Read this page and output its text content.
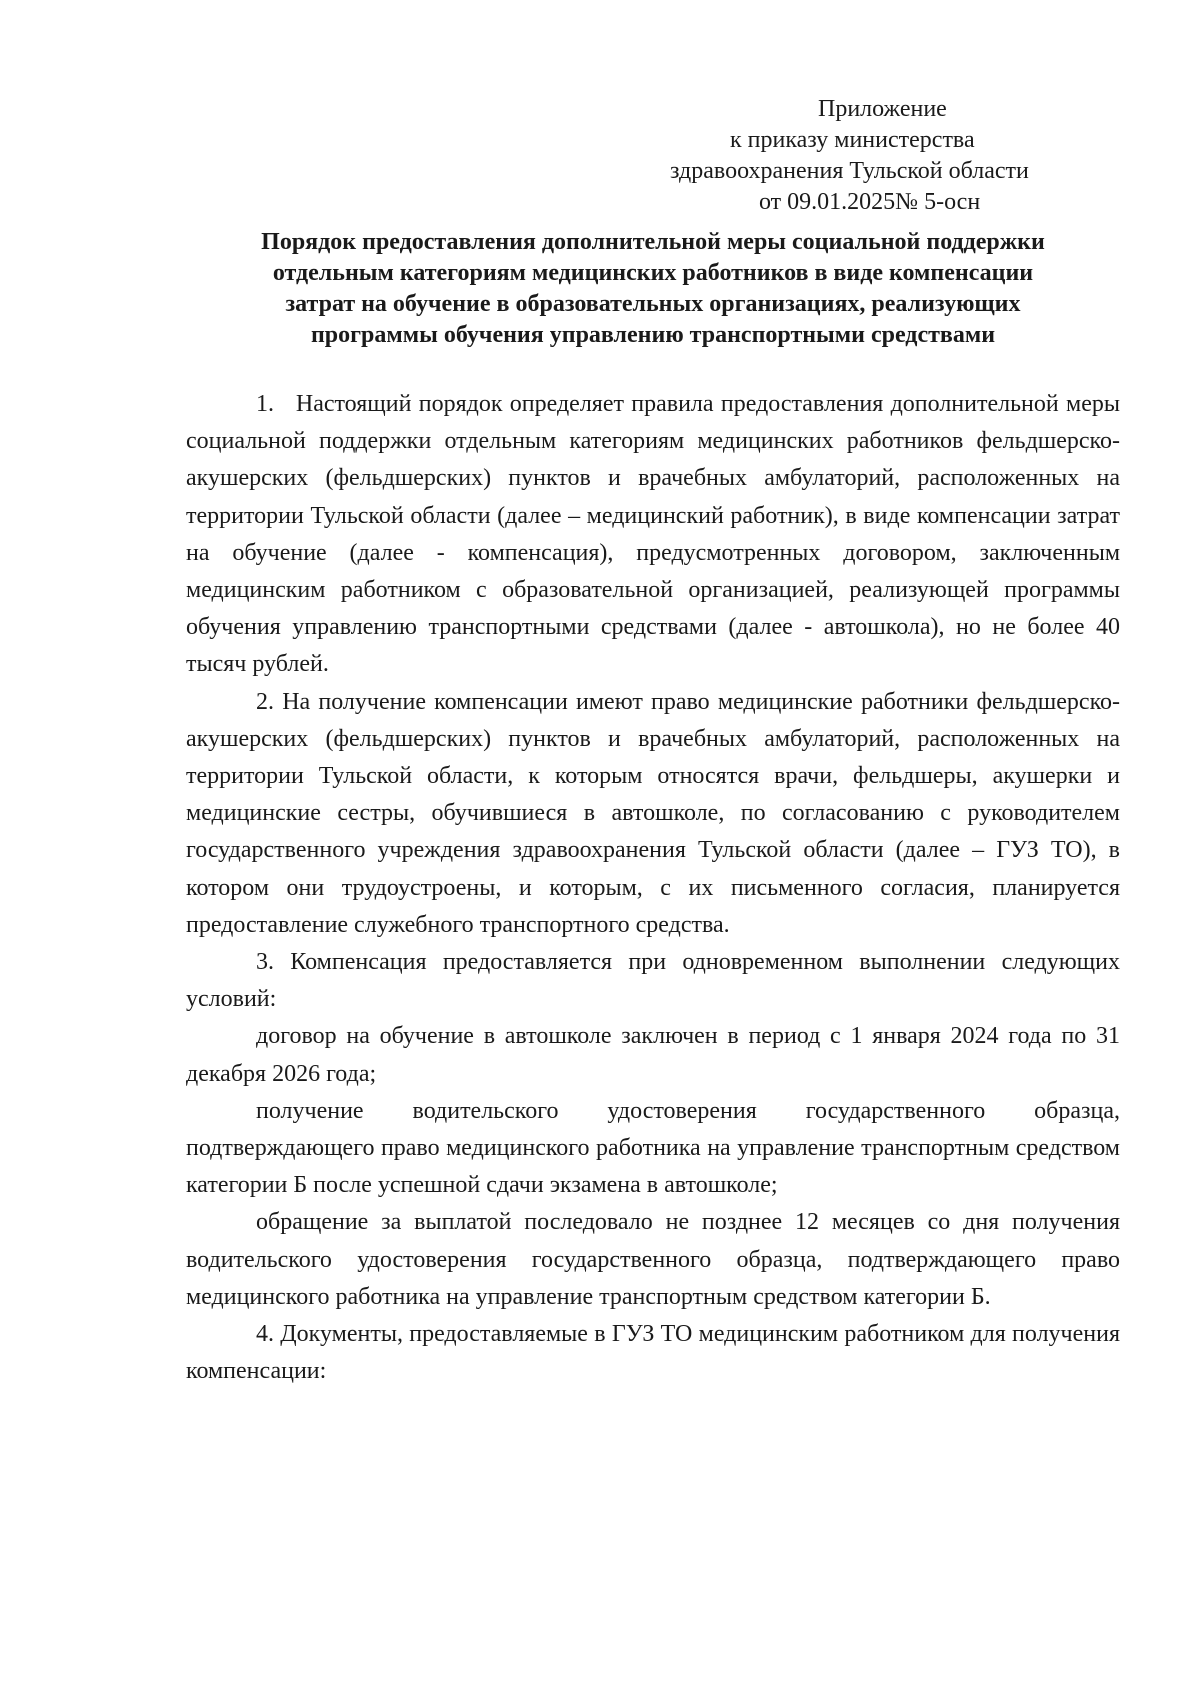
Приложение
к приказу министерства
здравоохранения Тульской области
от 09.01.2025№ 5-осн
Порядок предоставления дополнительной меры социальной поддержки
отдельным категориям медицинских работников в виде компенсации
затрат на обучение в образовательных организациях, реализующих
программы обучения управлению транспортными средствами

1.   Настоящий порядок определяет правила предоставления дополнительной меры социальной поддержки отдельным категориям медицинских работников фельдшерско-акушерских (фельдшерских) пунктов и врачебных амбулаторий, расположенных на территории Тульской области (далее – медицинский работник), в виде компенсации затрат на обучение (далее - компенсация), предусмотренных договором, заключенным медицинским работником с образовательной организацией, реализующей программы обучения управлению транспортными средствами (далее - автошкола), но не более 40 тысяч рублей.

2. На получение компенсации имеют право медицинские работники фельдшерско-акушерских (фельдшерских) пунктов и врачебных амбулаторий, расположенных на территории Тульской области, к которым относятся врачи, фельдшеры, акушерки и медицинские сестры, обучившиеся в автошколе, по согласованию с руководителем государственного учреждения здравоохранения Тульской области (далее – ГУЗ ТО), в котором они трудоустроены, и которым, с их письменного согласия, планируется предоставление служебного транспортного средства.

3. Компенсация предоставляется при одновременном выполнении следующих условий:

договор на обучение в автошколе заключен в период с 1 января 2024 года по 31 декабря 2026 года;

получение водительского удостоверения государственного образца, подтверждающего право медицинского работника на управление транспортным средством категории Б после успешной сдачи экзамена в автошколе;

обращение за выплатой последовало не позднее 12 месяцев со дня получения водительского удостоверения государственного образца, подтверждающего право медицинского работника на управление транспортным средством категории Б.

4. Документы, предоставляемые в ГУЗ ТО медицинским работником для получения компенсации:
